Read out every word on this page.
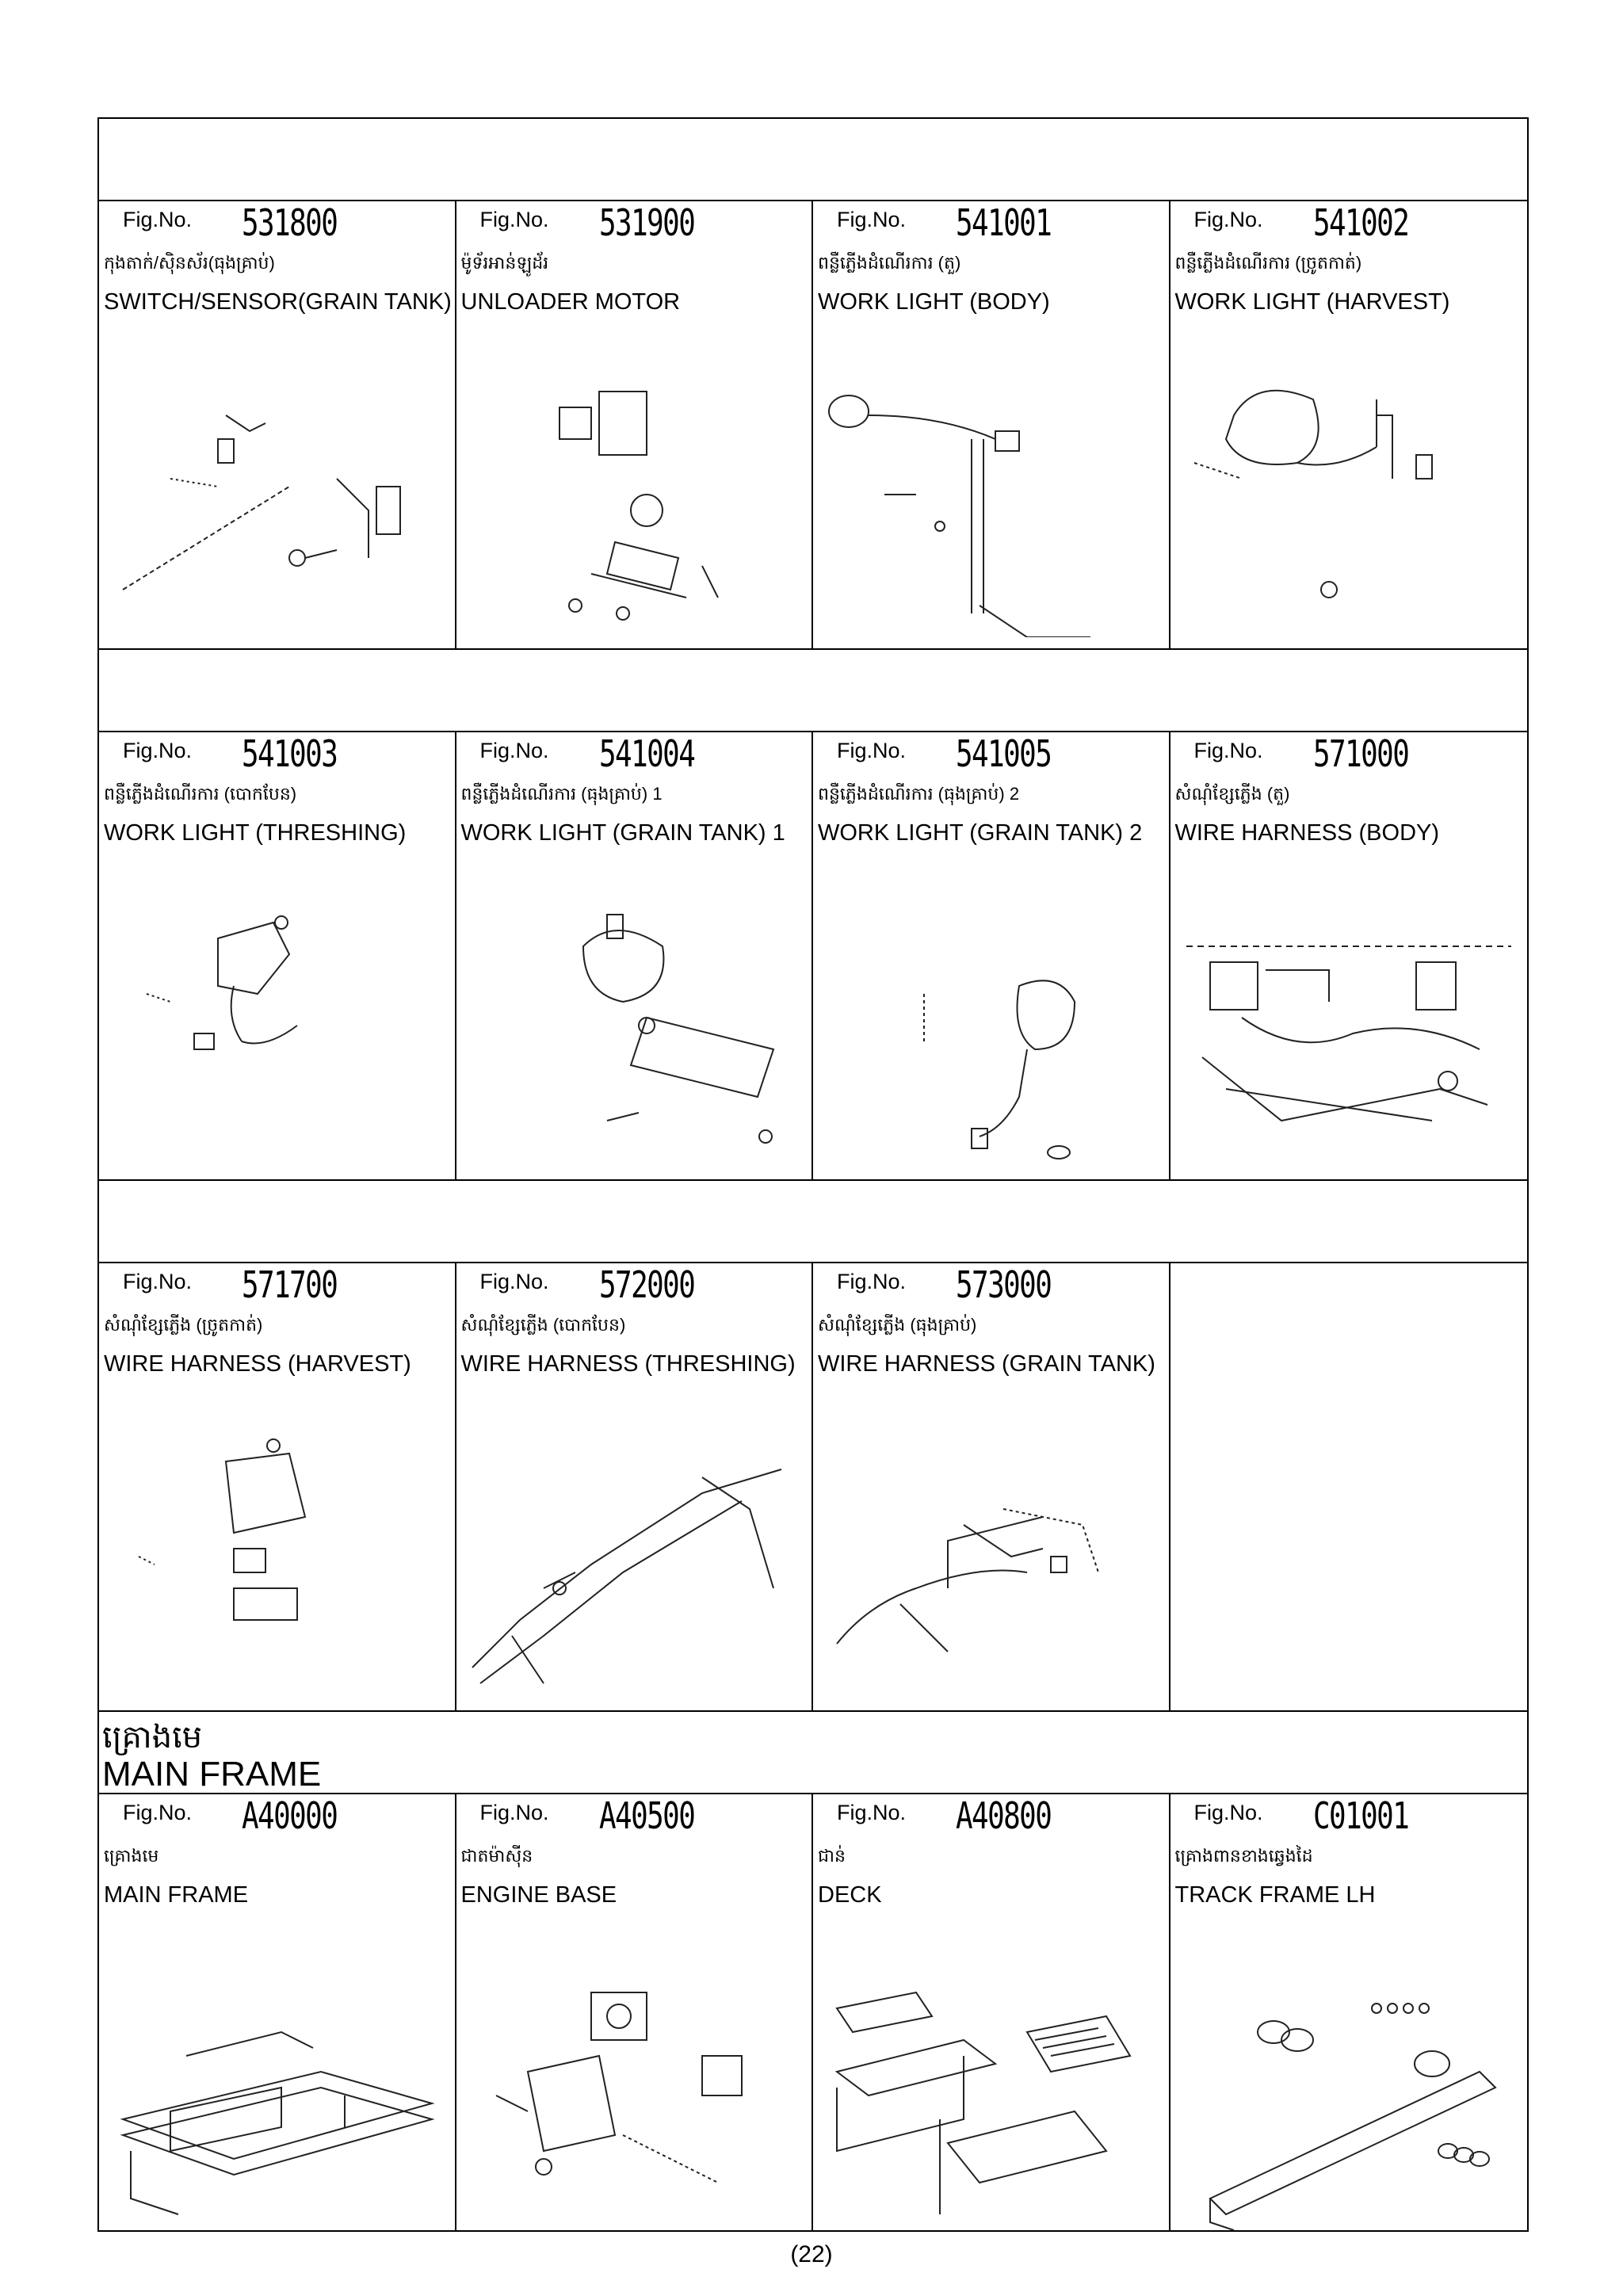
Fig.No. 531800
កុងតាក់/ស៊ិនស័រ(ធុងគ្រាប់)
SWITCH/SENSOR(GRAIN TANK)
Fig.No. 531900
ម៉ូទ័រអាន់ឡូដ័រ
UNLOADER MOTOR
Fig.No. 541001
ពន្លឺភ្លើងដំណើរការ (តួ)
WORK LIGHT (BODY)
Fig.No. 541002
ពន្លឺភ្លើងដំណើរការ (ច្រូតកាត់)
WORK LIGHT (HARVEST)
Fig.No. 541003
ពន្លឺភ្លើងដំណើរការ (បោកបែន)
WORK LIGHT (THRESHING)
Fig.No. 541004
ពន្លឺភ្លើងដំណើរការ (ធុងគ្រាប់) 1
WORK LIGHT (GRAIN TANK) 1
Fig.No. 541005
ពន្លឺភ្លើងដំណើរការ (ធុងគ្រាប់) 2
WORK LIGHT (GRAIN TANK) 2
Fig.No. 571000
សំណុំខ្សែភ្លើង (តួ)
WIRE HARNESS (BODY)
Fig.No. 571700
សំណុំខ្សែភ្លើង (ច្រូតកាត់)
WIRE HARNESS (HARVEST)
Fig.No. 572000
សំណុំខ្សែភ្លើង (បោកបែន)
WIRE HARNESS (THRESHING)
Fig.No. 573000
សំណុំខ្សែភ្លើង (ធុងគ្រាប់)
WIRE HARNESS (GRAIN TANK)
គ្រោងមេ
MAIN FRAME
Fig.No. A40000
គ្រោងមេ
MAIN FRAME
Fig.No. A40500
ជាតម៉ាស៊ីន
ENGINE BASE
Fig.No. A40800
ជាន់
DECK
Fig.No. C01001
គ្រោងពានខាងឆ្វេងដៃ
TRACK FRAME LH
(22)
